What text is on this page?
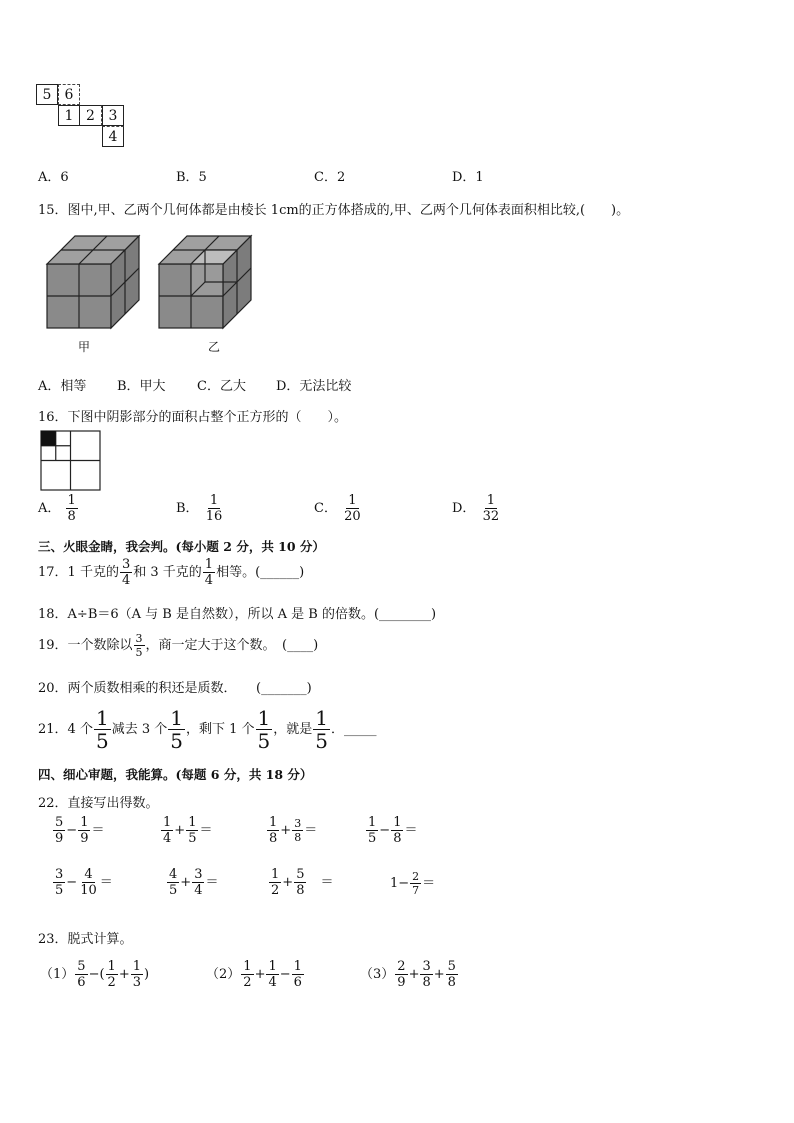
5 6
1 2 3
4
A．6	B．5	C．2	D．1
15．图中,甲、乙两个几何体都是由棱长 1cm的正方体搭成的,甲、乙两个几何体表面积相比较,(　　)。
甲	乙
A．相等 B．甲大 C．乙大 D．无法比较
16．下图中阴影部分的面积占整个正方形的（　　）。
A． $\frac{1}{8}$	B． $\frac{1}{16}$	C． $\frac{1}{20}$	D． $\frac{1}{32}$
三、火眼金睛，我会判。(每小题 2 分，共 10 分）
17．1 千克的 $\frac{3}{4}$ 和 3 千克的 $\frac{1}{4}$ 相等。(______)
18．A÷B＝6（A 与 B 是自然数），所以 A 是 B 的倍数。(________)
19．一个数除以 $\frac{3}{5}$ ，商一定大于这个数。　(____)
20．两个质数相乘的积还是质数．　　(_______)
21．4 个 $\frac{1}{5}$ 减去 3 个 $\frac{1}{5}$ ，剩下 1 个 $\frac{1}{5}$ ，就是 $\frac{1}{5}$ ．_____
四、细心审题，我能算。(每题 6 分，共 18 分）
22．直接写出得数。
$\frac{5}{9} - \frac{1}{9}$ ＝	$\frac{1}{4} + \frac{1}{5}$ ＝	$\frac{1}{8} + \frac{3}{8}$ ＝	$\frac{1}{5} - \frac{1}{8}$ ＝
$\frac{3}{5} - \frac{4}{10}$ ＝	$\frac{4}{5} + \frac{3}{4}$ ＝	$\frac{1}{2} + \frac{5}{8}$ 　＝	$1- \frac{2}{7}$ ＝
23．脱式计算。
$(1) \frac{5}{6}$ −( $\frac{1}{2} + \frac{1}{3}$ )	$(2) \frac{1}{2} + \frac{1}{4} - \frac{1}{6}$	$(3) \frac{2}{9} + \frac{3}{8} + \frac{5}{8}$
